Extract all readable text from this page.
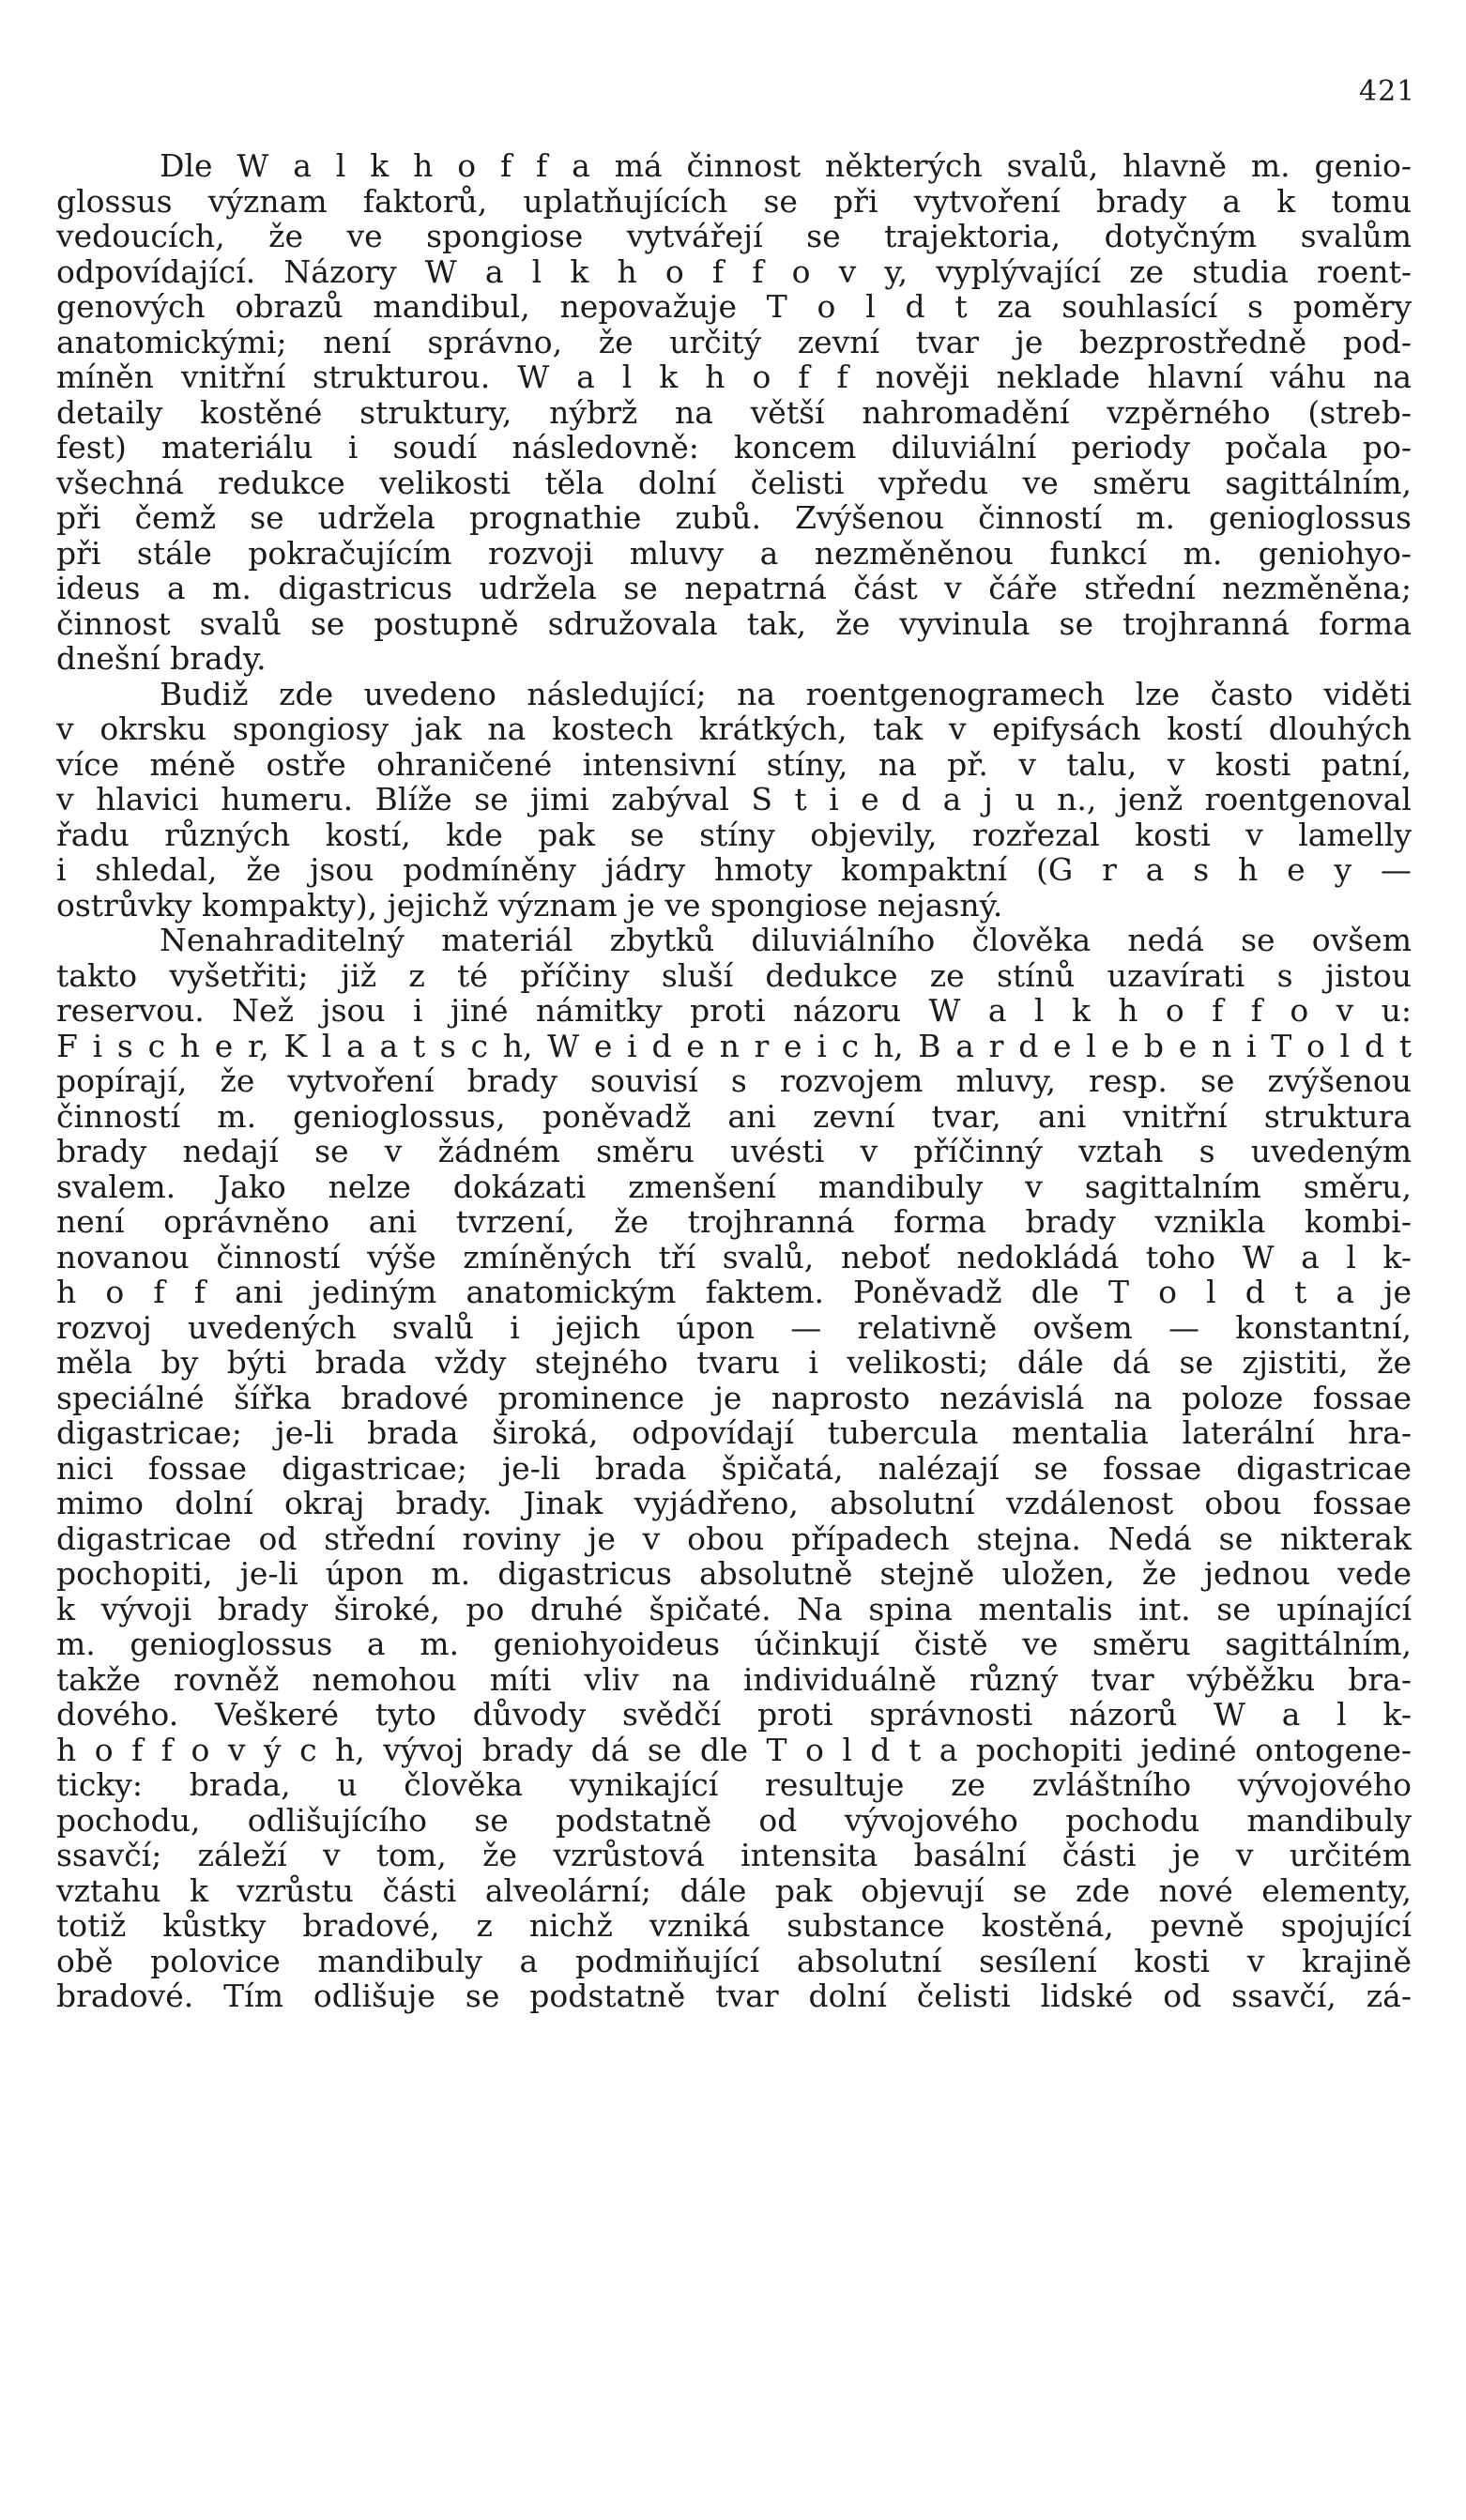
421
Dle W a l k h o f f a má činnost některých svalů, hlavně m. genio-
glossus význam faktorů, uplatňujících se při vytvoření brady a k tomu
vedoucích, že ve spongiose vytvářejí se trajektoria, dotyčným svalům
odpovídající. Názory W a l k h o f f o v y, vyplývající ze studia roent-
genových obrazů mandibul, nepovažuje T o l d t za souhlasící s poměry
anatomickými; není správno, že určitý zevní tvar je bezprostředně pod-
míněn vnitřní strukturou. W a l k h o f f nověji neklade hlavní váhu na
detaily kostěné struktury, nýbrž na větší nahromadění vzpěrného (streb-
fest) materiálu i soudí následovně: koncem diluviální periody počala po-
všechná redukce velikosti těla dolní čelisti vpředu ve směru sagittálním,
při čemž se udržela prognathie zubů. Zvýšenou činností m. genioglossus
při stále pokračujícím rozvoji mluvy a nezměněnou funkcí m. geniohyo-
ideus a m. digastricus udržela se nepatrná část v čáře střední nezměněna;
činnost svalů se postupně sdružovala tak, že vyvinula se trojhranná forma
dnešní brady.
Budiž zde uvedeno následující; na roentgenogramech lze často viděti
v okrsku spongiosy jak na kostech krátkých, tak v epifysách kostí dlouhých
více méně ostře ohraničené intensivní stíny, na př. v talu, v kosti patní,
v hlavici humeru. Blíže se jimi zabýval S t i e d a j u n., jenž roentgenoval
řadu různých kostí, kde pak se stíny objevily, rozřezal kosti v lamelly
i shledal, že jsou podmíněny jádry hmoty kompaktní (G r a s h e y —
ostrůvky kompakty), jejichž význam je ve spongiose nejasný.
Nenahraditelný materiál zbytků diluviálního člověka nedá se ovšem
takto vyšetřiti; již z té příčiny sluší dedukce ze stínů uzavírati s jistou
reservou. Než jsou i jiné námitky proti názoru W a l k h o f f o v u:
F i s c h e r, K l a a t s c h, W e i d e n r e i c h, B a r d e l e b e n i T o l d t
popírají, že vytvoření brady souvisí s rozvojem mluvy, resp. se zvýšenou
činností m. genioglossus, poněvadž ani zevní tvar, ani vnitřní struktura
brady nedají se v žádném směru uvésti v příčinný vztah s uvedeným
svalem. Jako nelze dokázati zmenšení mandibuly v sagittalním směru,
není oprávněno ani tvrzení, že trojhranná forma brady vznikla kombi-
novanou činností výše zmíněných tří svalů, neboť nedokládá toho W a l k-
h o f f ani jediným anatomickým faktem. Poněvadž dle T o l d t a je
rozvoj uvedených svalů i jejich úpon — relativně ovšem — konstantní,
měla by býti brada vždy stejného tvaru i velikosti; dále dá se zjistiti, že
speciálné šířka bradové prominence je naprosto nezávislá na poloze fossae
digastricae; je-li brada široká, odpovídají tubercula mentalia laterální hra-
nici fossae digastricae; je-li brada špičatá, nalézají se fossae digastricae
mimo dolní okraj brady. Jinak vyjádřeno, absolutní vzdálenost obou fossae
digastricae od střední roviny je v obou případech stejna. Nedá se nikterak
pochopiti, je-li úpon m. digastricus absolutně stejně uložen, že jednou vede
k vývoji brady široké, po druhé špičaté. Na spina mentalis int. se upínající
m. genioglossus a m. geniohyoideus účinkují čistě ve směru sagittálním,
takže rovněž nemohou míti vliv na individuálně různý tvar výběžku bra-
dového. Veškeré tyto důvody svědčí proti správnosti názorů W a l k-
h o f f o v ý c h, vývoj brady dá se dle T o l d t a pochopiti jediné ontogene-
ticky: brada, u člověka vynikající resultuje ze zvláštního vývojového
pochodu, odlišujícího se podstatně od vývojového pochodu mandibuly
ssavčí; záleží v tom, že vzrůstová intensita basální části je v určitém
vztahu k vzrůstu části alveolární; dále pak objevují se zde nové elementy,
totiž kůstky bradové, z nichž vzniká substance kostěná, pevně spojující
obě polovice mandibuly a podmiňující absolutní sesílení kosti v krajině
bradové. Tím odlišuje se podstatně tvar dolní čelisti lidské od ssavčí, zá-
